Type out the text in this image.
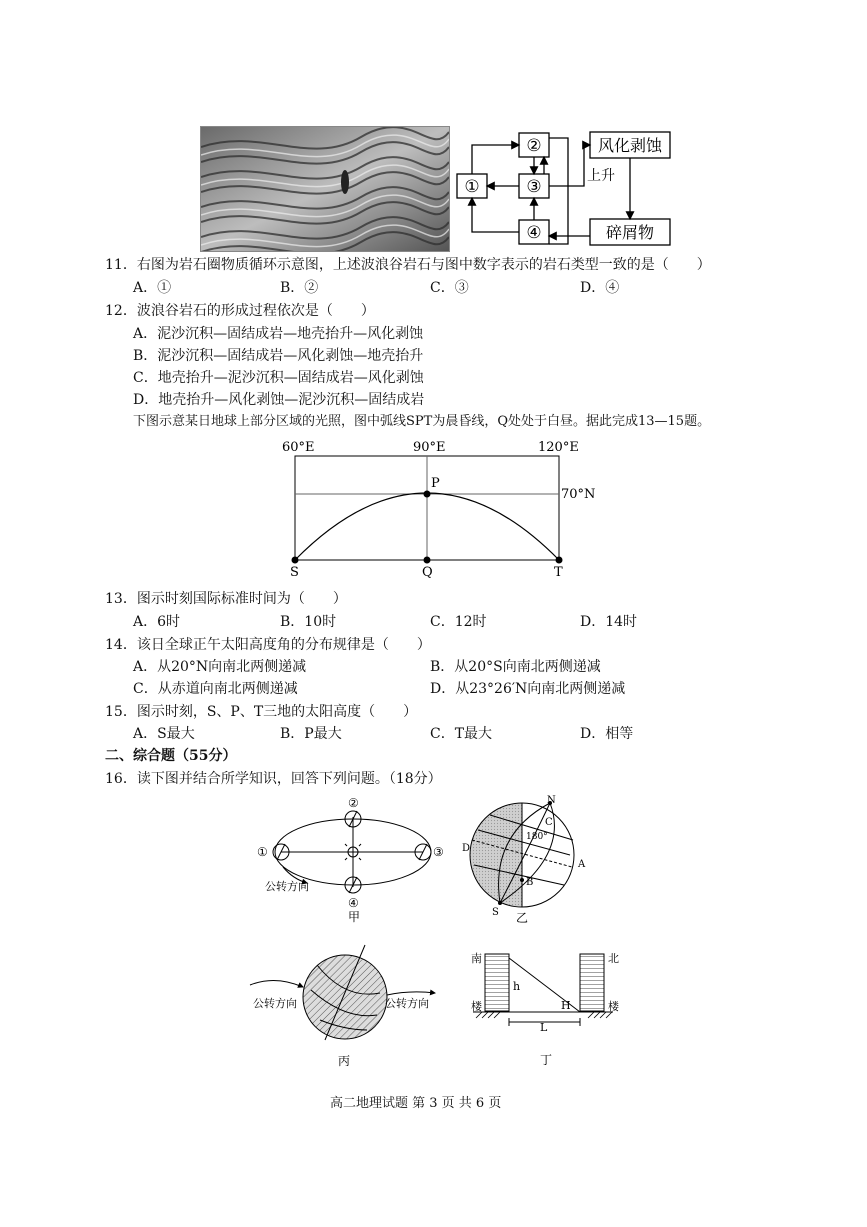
①
②
③
④
风化剥蚀
碎屑物
上升
11．右图为岩石圈物质循环示意图，上述波浪谷岩石与图中数字表示的岩石类型一致的是（　　）
A．①	B．②	C．③	D．④
12．波浪谷岩石的形成过程依次是（　　）
A．泥沙沉积—固结成岩—地壳抬升—风化剥蚀
B．泥沙沉积—固结成岩—风化剥蚀—地壳抬升
C．地壳抬升—泥沙沉积—固结成岩—风化剥蚀
D．地壳抬升—风化剥蚀—泥沙沉积—固结成岩
下图示意某日地球上部分区域的光照，图中弧线SPT为晨昏线，Q处处于白昼。据此完成13—15题。
60°E	90°E	120°E
70°N
P
S	Q	T
13．图示时刻国际标准时间为（　　）
A．6时	B．10时	C．12时	D．14时
14．该日全球正午太阳高度角的分布规律是（　　）
A．从20°N向南北两侧递减	B．从20°S向南北两侧递减
C．从赤道向南北两侧递减	D．从23°26′N向南北两侧递减
15．图示时刻，S、P、T三地的太阳高度（　　）
A．S最大	B．P最大	C．T最大	D．相等
二、综合题（55分）
16．读下图并结合所学知识，回答下列问题。（18分）
②
①	③
④
公转方向
甲
N
C
180°
D
A
B
S 乙
公转方向	公转方向
丙
南	北
楼	楼
h
H
L
丁
高二地理试题 第 3 页 共 6 页
